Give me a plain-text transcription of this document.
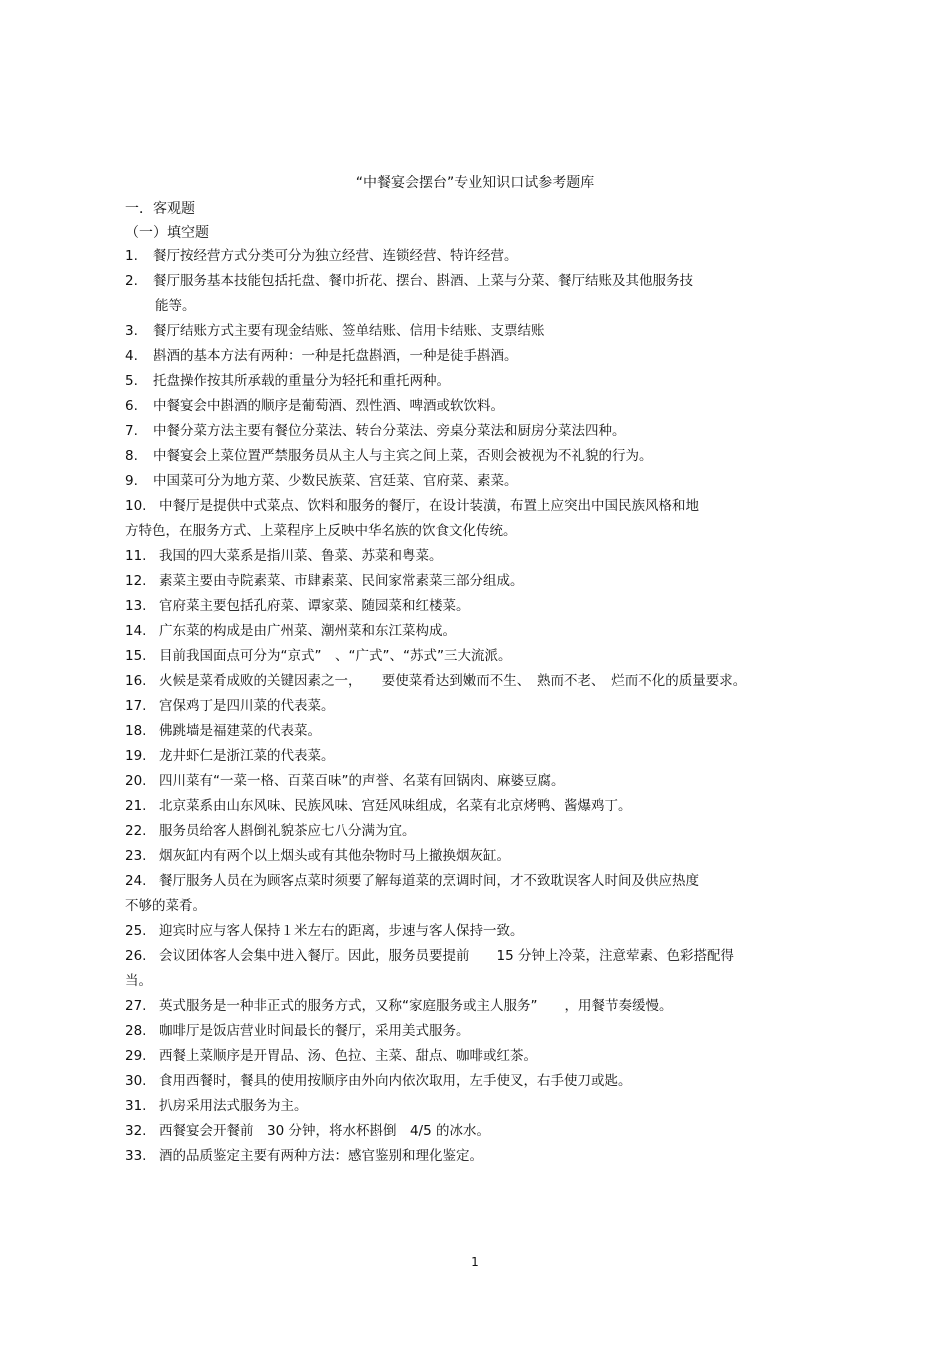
“中餐宴会摆台”专业知识口试参考题库
一．客观题
（一）填空题
1. 餐厅按经营方式分类可分为独立经营、连锁经营、特许经营。
2. 餐厅服务基本技能包括托盘、餐巾折花、摆台、斟酒、上菜与分菜、餐厅结账及其他服务技
能等。
3. 餐厅结账方式主要有现金结账、签单结账、信用卡结账、支票结账
4. 斟酒的基本方法有两种：一种是托盘斟酒，一种是徒手斟酒。
5. 托盘操作按其所承载的重量分为轻托和重托两种。
6. 中餐宴会中斟酒的顺序是葡萄酒、烈性酒、啤酒或软饮料。
7. 中餐分菜方法主要有餐位分菜法、转台分菜法、旁桌分菜法和厨房分菜法四种。
8. 中餐宴会上菜位置严禁服务员从主人与主宾之间上菜，否则会被视为不礼貌的行为。
9. 中国菜可分为地方菜、少数民族菜、宫廷菜、官府菜、素菜。
10. 中餐厅是提供中式菜点、饮料和服务的餐厅，在设计装潢，布置上应突出中国民族风格和地
方特色，在服务方式、上菜程序上反映中华名族的饮食文化传统。
11. 我国的四大菜系是指川菜、鲁菜、苏菜和粤菜。
12. 素菜主要由寺院素菜、市肆素菜、民间家常素菜三部分组成。
13. 官府菜主要包括孔府菜、谭家菜、随园菜和红楼菜。
14. 广东菜的构成是由广州菜、潮州菜和东江菜构成。
15. 目前我国面点可分为“京式”　、“广式”、“苏式”三大流派。
16. 火候是菜肴成败的关键因素之一，　　要使菜肴达到嫩而不生、　熟而不老、　烂而不化的质量要求。
17. 宫保鸡丁是四川菜的代表菜。
18. 佛跳墙是福建菜的代表菜。
19. 龙井虾仁是浙江菜的代表菜。
20. 四川菜有“一菜一格、百菜百味”的声誉、名菜有回锅肉、麻婆豆腐。
21. 北京菜系由山东风味、民族风味、宫廷风味组成，名菜有北京烤鸭、酱爆鸡丁。
22. 服务员给客人斟倒礼貌茶应七八分满为宜。
23. 烟灰缸内有两个以上烟头或有其他杂物时马上撤换烟灰缸。
24. 餐厅服务人员在为顾客点菜时须要了解每道菜的烹调时间，才不致耽误客人时间及供应热度
不够的菜肴。
25. 迎宾时应与客人保持１米左右的距离，步速与客人保持一致。
26. 会议团体客人会集中进入餐厅。因此，服务员要提前　　15 分钟上冷菜，注意荤素、色彩搭配得
当。
27. 英式服务是一种非正式的服务方式，又称“家庭服务或主人服务”　　，用餐节奏缓慢。
28. 咖啡厅是饭店营业时间最长的餐厅，采用美式服务。
29. 西餐上菜顺序是开胃品、汤、色拉、主菜、甜点、咖啡或红茶。
30. 食用西餐时，餐具的使用按顺序由外向内依次取用，左手使叉，右手使刀或匙。
31. 扒房采用法式服务为主。
32. 西餐宴会开餐前　30 分钟，将水杯斟倒　4/5 的冰水。
33. 酒的品质鉴定主要有两种方法：感官鉴别和理化鉴定。
1
